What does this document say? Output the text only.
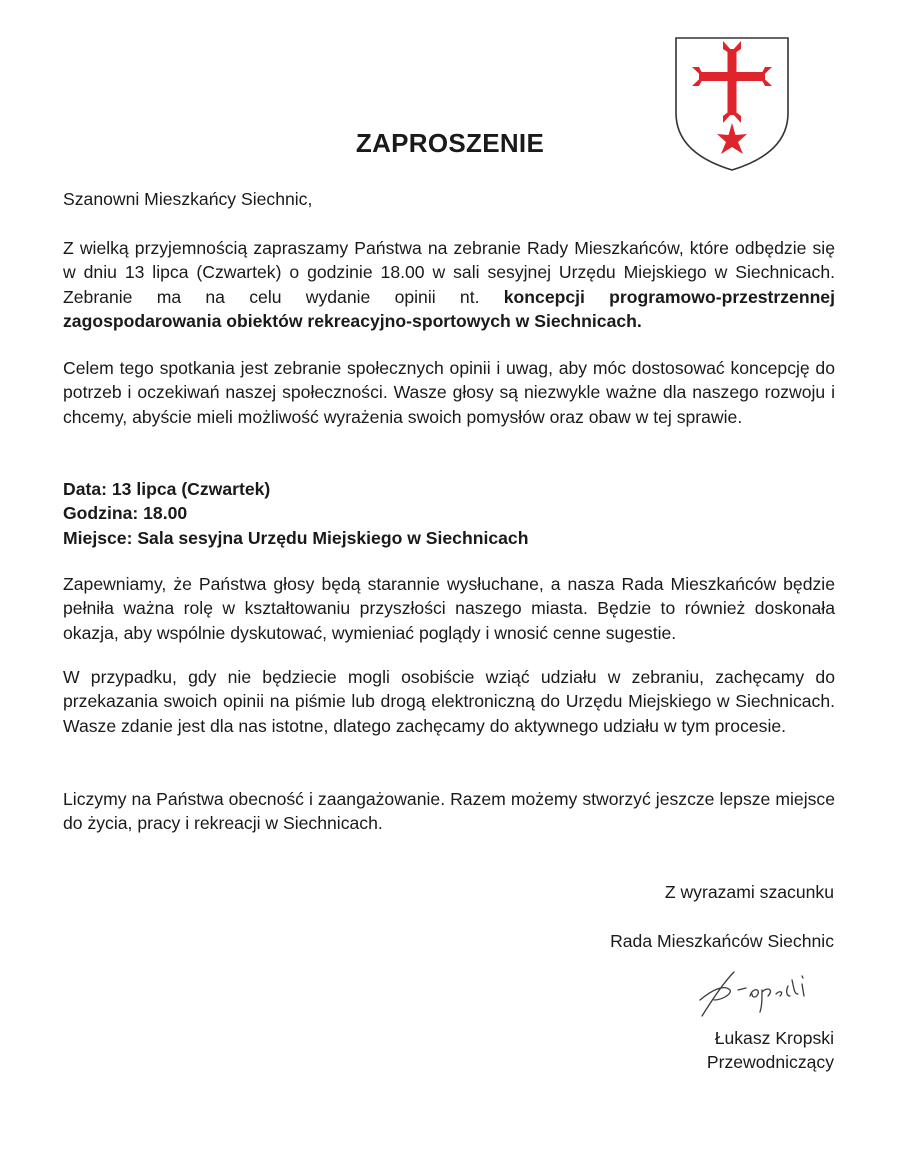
ZAPROSZENIE
Szanowni Mieszkańcy Siechnic,
Z wielką przyjemnością zapraszamy Państwa na zebranie Rady Mieszkańców, które odbędzie się w dniu 13 lipca (Czwartek) o godzinie 18.00 w sali sesyjnej Urzędu Miejskiego w Siechnicach. Zebranie ma na celu wydanie opinii nt. koncepcji programowo-przestrzennej zagospodarowania obiektów rekreacyjno-sportowych w Siechnicach.
Celem tego spotkania jest zebranie społecznych opinii i uwag, aby móc dostosować koncepcję do potrzeb i oczekiwań naszej społeczności. Wasze głosy są niezwykle ważne dla naszego rozwoju i chcemy, abyście mieli możliwość wyrażenia swoich pomysłów oraz obaw w tej sprawie.
Data: 13 lipca (Czwartek)
Godzina: 18.00
Miejsce: Sala sesyjna Urzędu Miejskiego w Siechnicach
Zapewniamy, że Państwa głosy będą starannie wysłuchane, a nasza Rada Mieszkańców będzie pełniła ważna rolę w kształtowaniu przyszłości naszego miasta. Będzie to również doskonała okazja, aby wspólnie dyskutować, wymieniać poglądy i wnosić cenne sugestie.
W przypadku, gdy nie będziecie mogli osobiście wziąć udziału w zebraniu, zachęcamy do przekazania swoich opinii na piśmie lub drogą elektroniczną do Urzędu Miejskiego w Siechnicach. Wasze zdanie jest dla nas istotne, dlatego zachęcamy do aktywnego udziału w tym procesie.
Liczymy na Państwa obecność i zaangażowanie. Razem możemy stworzyć jeszcze lepsze miejsce do życia, pracy i rekreacji w Siechnicach.
Z wyrazami szacunku
Rada Mieszkańców Siechnic
Łukasz Kropski
Przewodniczący
